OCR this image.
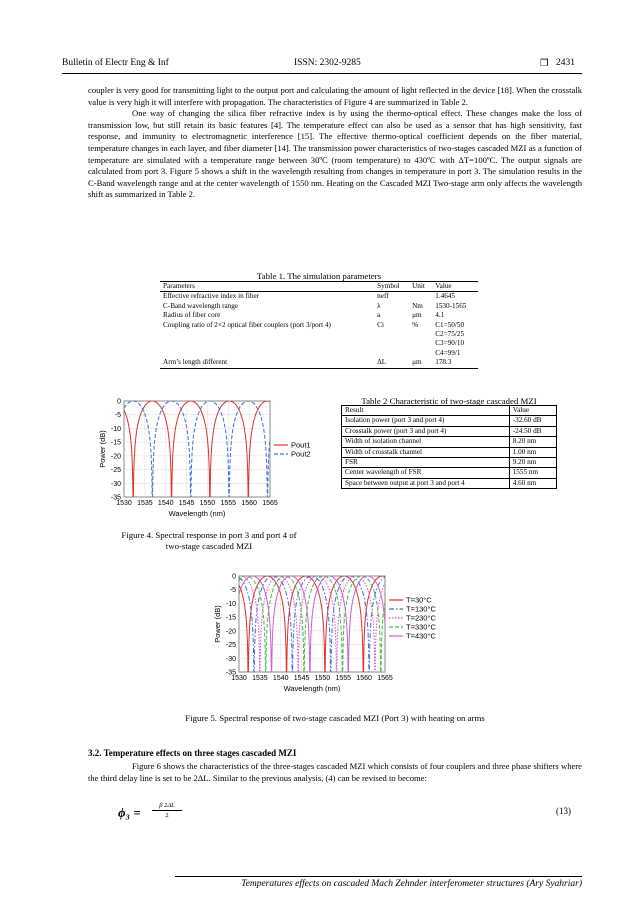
Bulletin of Electr Eng & Inf	ISSN: 2302-9285	❒ 2431

coupler is very good for transmitting light to the output port and calculating the amount of light reflected in the device [18]. When the crosstalk value is very high it will interfere with propagation. The characteristics of Figure 4 are summarized in Table 2.

One way of changing the silica fiber refractive index is by using the thermo-optical effect. These changes make the loss of transmission low, but still retain its basic features [4]. The temperature effect can also be used as a sensor that has high sensitivity, fast response, and immunity to electromagnetic interference [15]. The effective thermo-optical coefficient depends on the fiber material, temperature changes in each layer, and fiber diameter [14]. The transmission power characteristics of two-stages cascaded MZI as a function of temperature are simulated with a temperature range between 30ºC (room temperature) to 430ºC with ΔT=100ºC. The output signals are calculated from port 3. Figure 5 shows a shift in the wavelength resulting from changes in temperature in port 3. The simulation results in the C-Band wavelength range and at the center wavelength of 1550 nm. Heating on the Cascaded MZI Two-stage arm only affects the wavelength shift as summarized in Table 2.

Table 1. The simulation parameters
Parameters	Symbol	Unit	Value
Effective refractive index in fiber	neff		1.4645
C-Band wavelength range	λ	Nm	1530-1565
Radius of fiber core	a	μm	4.1
Coupling ratio of 2×2 optical fiber couplers (port 3/port 4)	Ci	%	C1=50/50
			C2=75/25
			C3=90/10
			C4=99/1
Arm’s length different	ΔL	μm	178.3
0
-5
-10
-15
-20
-25
-30
-35
1530 1535 1540 1545 1550 1555 1560 1565
Wavelength (nm)
Power (dB)	Pout1
Pout2
Figure 4. Spectral response in port 3 and port 4 of
two-stage cascaded MZI
Table 2 Characteristic of two-stage cascaded MZI
Result	Value
Isolation power (port 3 and port 4)	-32.60 dB
Crosstalk power (port 3 and port 4)	-24.50 dB
Width of isolation channel	8.20 nm
Width of crosstalk channel	1.00 nm
FSR	9.20 nm
Center wavelength of FSR	1555 nm
Space between output at port 3 and port 4	4.60 nm
0
-5
-10
-15
-20
-25
-30
-35
1530 1535 1540 1545 1550 1555 1560 1565
Wavelength (nm)
Power (dB)
T=30°C
T=130°C
T=230°C
T=330°C
T=430°C
Figure 5. Spectral response of two-stage cascaded MZI (Port 3) with heating on arms
3.2. Temperature effects on three stages cascaded MZI

Figure 6 shows the characteristics of the three-stages cascaded MZI which consists of four couplers and three phase shifters where the third delay line is set to be 2ΔL. Similar to the previous analysis, (4) can be revised to become:

ϕ₃ =	β 2ΔL
2	(13)
Temperatures effects on cascaded Mach Zehnder interferometer structures (Ary Syahriar)
